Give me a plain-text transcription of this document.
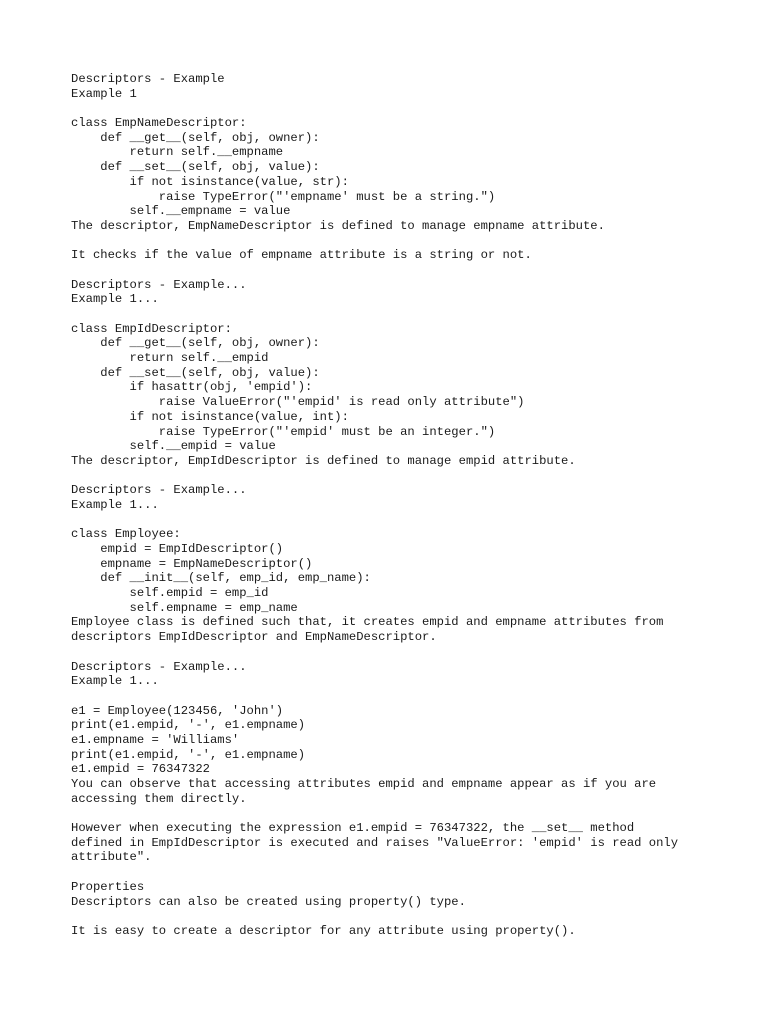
Descriptors - Example
Example 1
class EmpNameDescriptor:
def __get__(self, obj, owner):
return self.__empname
def __set__(self, obj, value):
if not isinstance(value, str):
raise TypeError("'empname' must be a string.")
self.__empname = value
The descriptor, EmpNameDescriptor is defined to manage empname attribute.
It checks if the value of empname attribute is a string or not.
Descriptors - Example...
Example 1...
class EmpIdDescriptor:
def __get__(self, obj, owner):
return self.__empid
def __set__(self, obj, value):
if hasattr(obj, 'empid'):
raise ValueError("'empid' is read only attribute")
if not isinstance(value, int):
raise TypeError("'empid' must be an integer.")
self.__empid = value
The descriptor, EmpIdDescriptor is defined to manage empid attribute.
Descriptors - Example...
Example 1...
class Employee:
empid = EmpIdDescriptor()
empname = EmpNameDescriptor()
def __init__(self, emp_id, emp_name):
self.empid = emp_id
self.empname = emp_name
Employee class is defined such that, it creates empid and empname attributes from
descriptors EmpIdDescriptor and EmpNameDescriptor.
Descriptors - Example...
Example 1...
e1 = Employee(123456, 'John')
print(e1.empid, '-', e1.empname)
e1.empname = 'Williams'
print(e1.empid, '-', e1.empname)
e1.empid = 76347322
You can observe that accessing attributes empid and empname appear as if you are
accessing them directly.
However when executing the expression e1.empid = 76347322, the __set__ method
defined in EmpIdDescriptor is executed and raises "ValueError: 'empid' is read only
attribute".
Properties
Descriptors can also be created using property() type.
It is easy to create a descriptor for any attribute using property().
